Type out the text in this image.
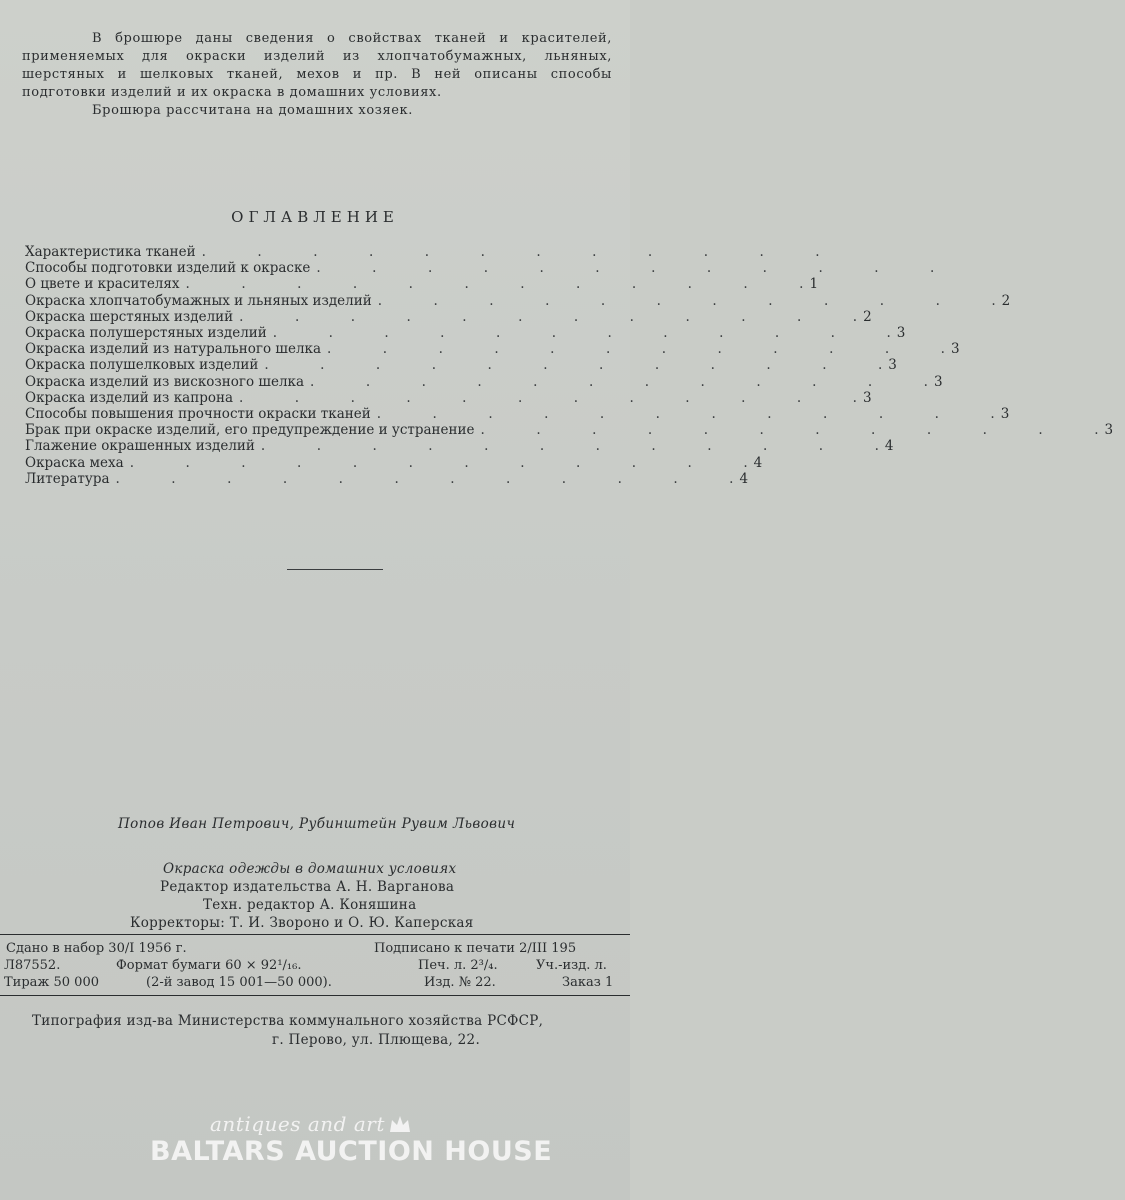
В брошюре даны сведения о свойствах тканей и красителей, применяемых для окраски изделий из хлопчатобумажных, льняных, шерстяных и шелковых тканей, мехов и пр. В ней описаны способы подготовки изделий и их окраска в домашних условиях.

Брошюра рассчитана на домашних хозяек.

ОГЛАВЛЕНИЕ
Характеристика тканей
.
Способы подготовки изделий к окраске
.
О цвете и красителях .	1
Окраска хлопчатобумажных и льняных изделий .	2
Окраска шерстяных изделий .	2
Окраска полушерстяных изделий .	3
Окраска изделий из натурального шелка .	3
Окраска полушелковых изделий .	3
Окраска изделий из вискозного шелка .	3
Окраска изделий из капрона .	3
Способы повышения прочности окраски тканей .	3
Брак при окраске изделий, его предупреждение и устранение .	3
Глажение окрашенных изделий .	4
Окраска меха .	4
Литература .	4
Попов Иван Петрович, Рубинштейн Рувим Львович
Окраска одежды в домашних условиях
Редактор издательства А. Н. Варганова
Техн. редактор А. Коняшина
Корректоры: Т. И. Звороно и О. Ю. Каперская
Сдано в набор 30/I 1956 г.	Подписано к печати 2/III 195
Л87552.	Формат бумаги 60 × 92¹/₁₆.	Печ. л. 2³/₄.	Уч.-изд. л.
Тираж 50 000	(2-й завод 15 001—50 000).	Изд. № 22.	Заказ 1
Типография изд-ва Министерства коммунального хозяйства РСФСР,
г. Перово, ул. Плющева, 22.
antiques and art
BALTARS AUCTION HOUSE
